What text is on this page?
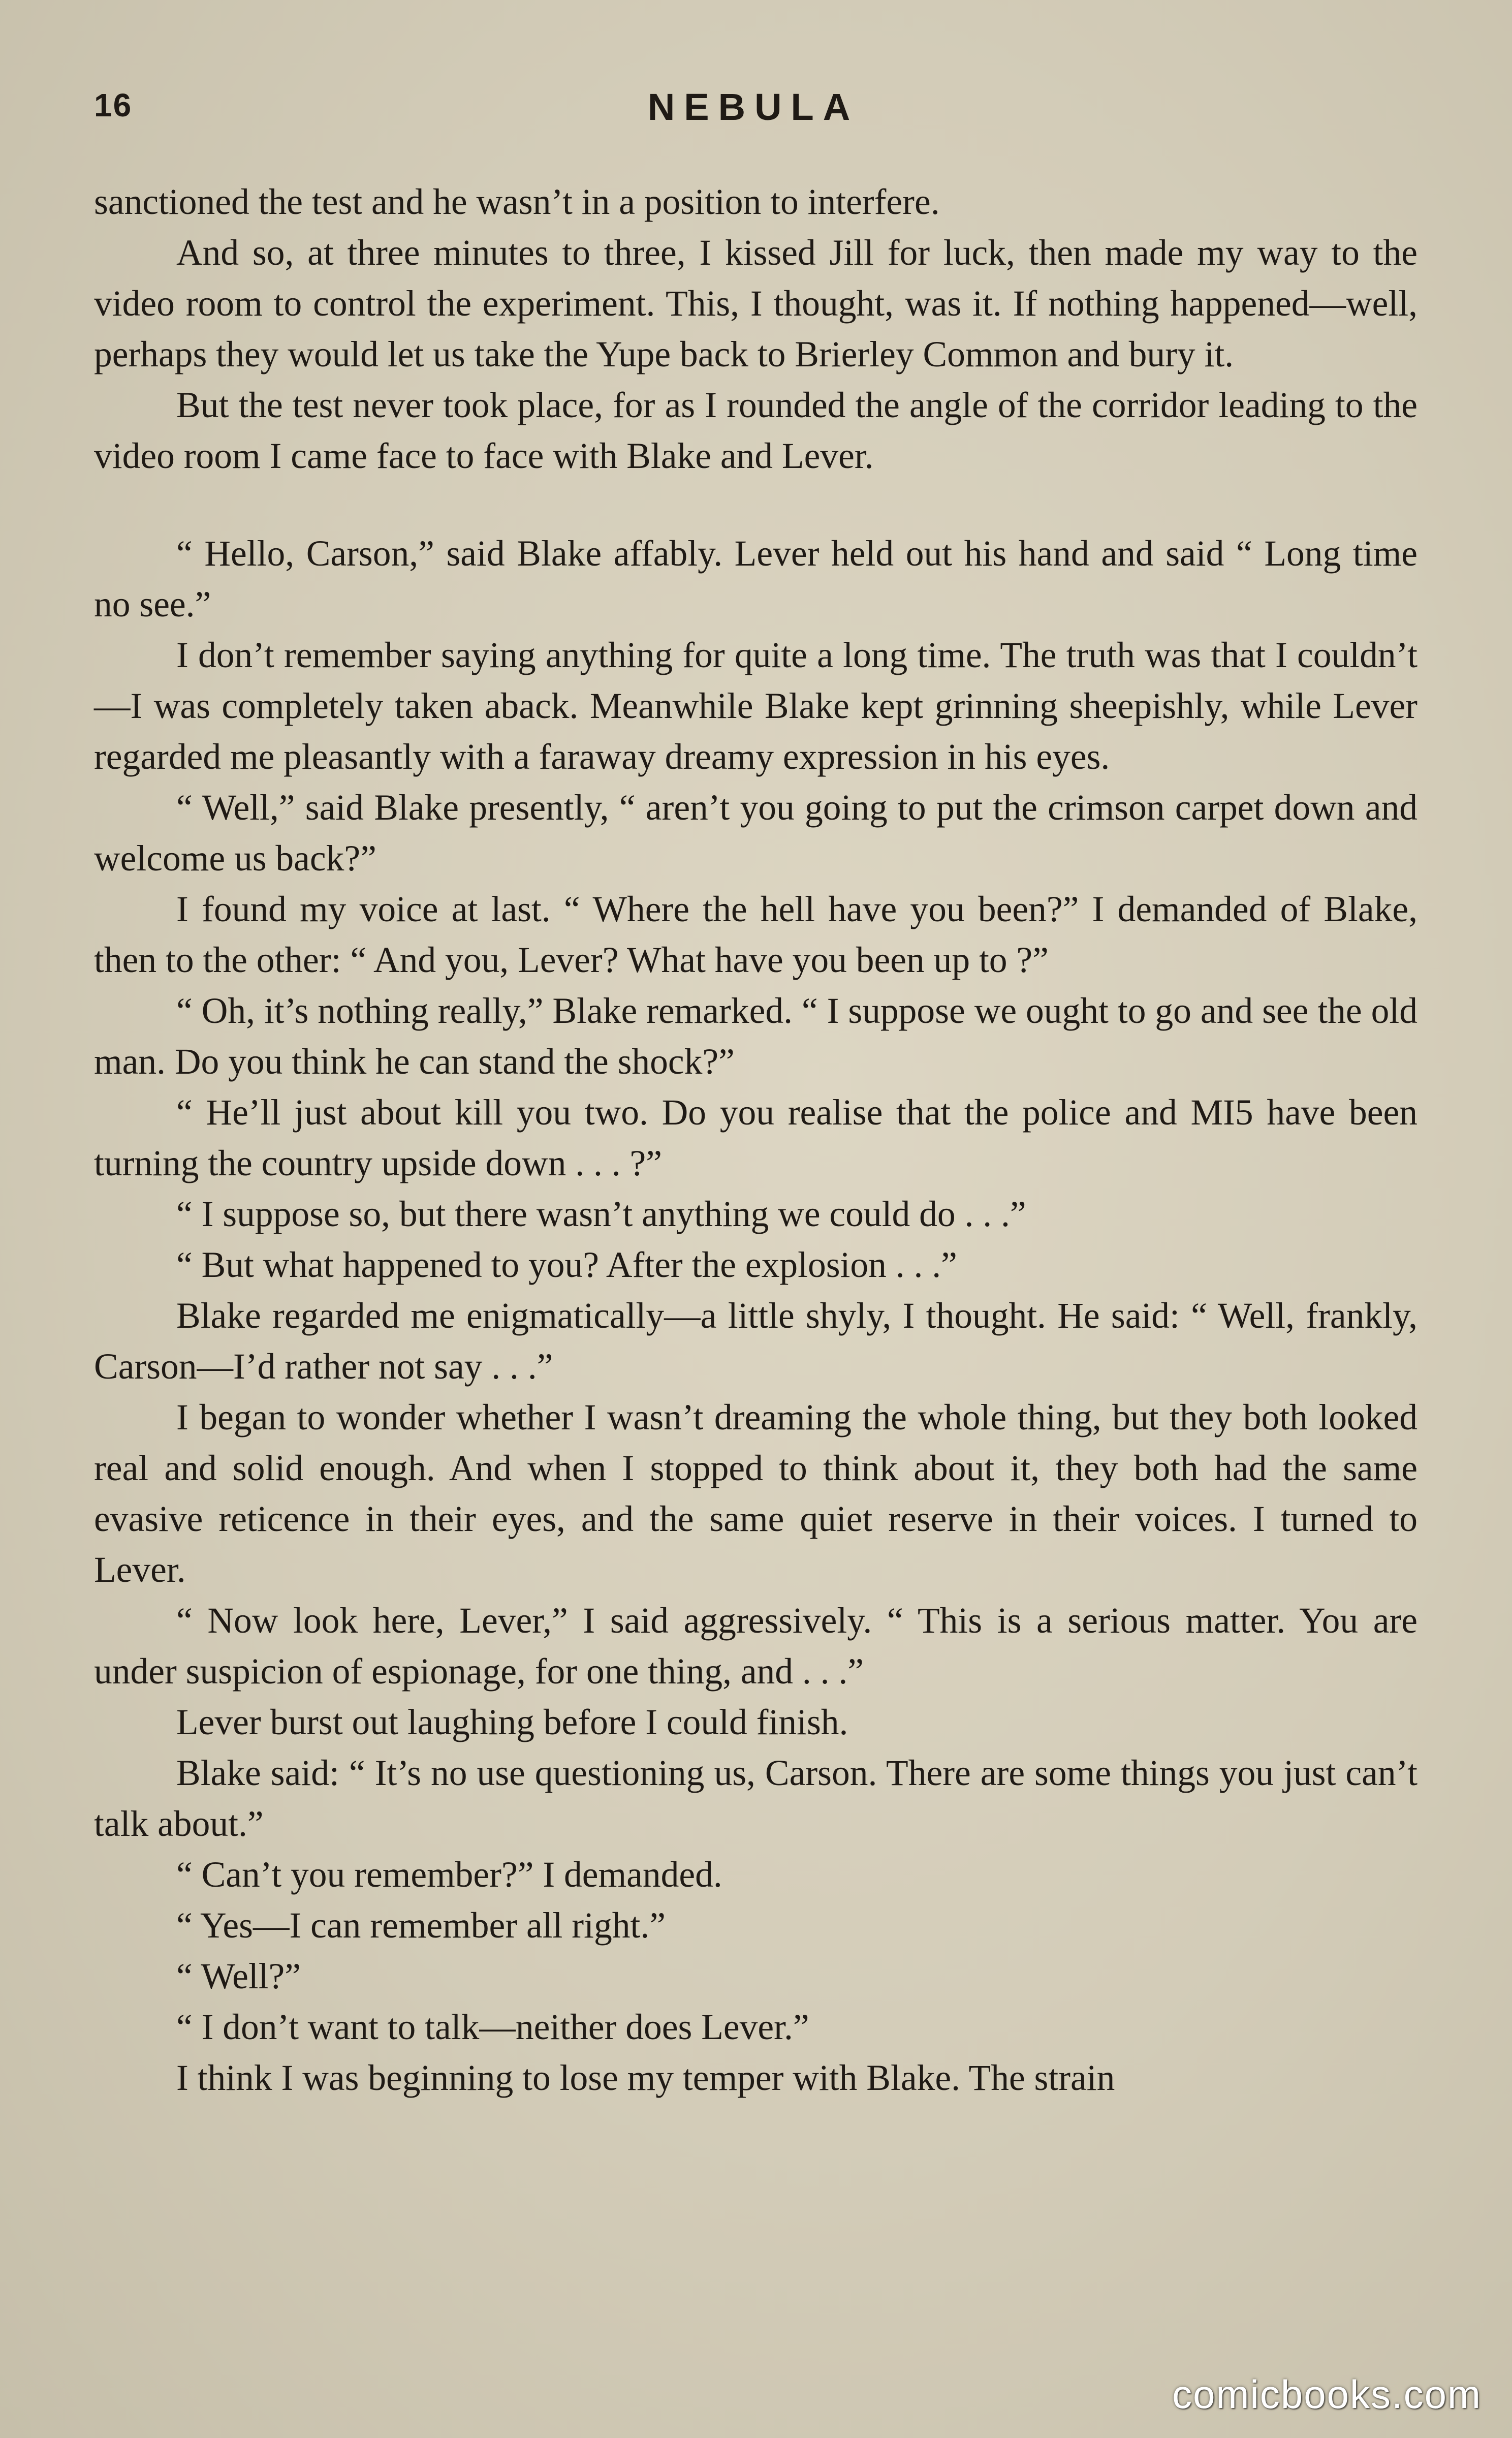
16	NEBULA

sanctioned the test and he wasn’t in a position to interfere.

And so, at three minutes to three, I kissed Jill for luck, then made my way to the video room to control the experiment. This, I thought, was it. If nothing happened—well, perhaps they would let us take the Yupe back to Brierley Common and bury it.

But the test never took place, for as I rounded the angle of the corridor leading to the video room I came face to face with Blake and Lever.

“ Hello, Carson,” said Blake affably. Lever held out his hand and said “ Long time no see.”

I don’t remember saying anything for quite a long time. The truth was that I couldn’t—I was completely taken aback. Meanwhile Blake kept grinning sheepishly, while Lever regarded me pleasantly with a faraway dreamy expression in his eyes.

“ Well,” said Blake presently, “ aren’t you going to put the crimson carpet down and welcome us back?”

I found my voice at last. “ Where the hell have you been?” I demanded of Blake, then to the other: “ And you, Lever? What have you been up to ?”

“ Oh, it’s nothing really,” Blake remarked. “ I suppose we ought to go and see the old man. Do you think he can stand the shock?”

“ He’ll just about kill you two. Do you realise that the police and MI5 have been turning the country upside down . . . ?”

“ I suppose so, but there wasn’t anything we could do . . .”

“ But what happened to you? After the explosion . . .”

Blake regarded me enigmatically—a little shyly, I thought. He said: “ Well, frankly, Carson—I’d rather not say . . .”

I began to wonder whether I wasn’t dreaming the whole thing, but they both looked real and solid enough. And when I stopped to think about it, they both had the same evasive reticence in their eyes, and the same quiet reserve in their voices. I turned to Lever.

“ Now look here, Lever,” I said aggressively. “ This is a serious matter. You are under suspicion of espionage, for one thing, and . . .”

Lever burst out laughing before I could finish.

Blake said: “ It’s no use questioning us, Carson. There are some things you just can’t talk about.”

“ Can’t you remember?” I demanded.

“ Yes—I can remember all right.”

“ Well?”

“ I don’t want to talk—neither does Lever.”

I think I was beginning to lose my temper with Blake. The strain

comicbooks.com
